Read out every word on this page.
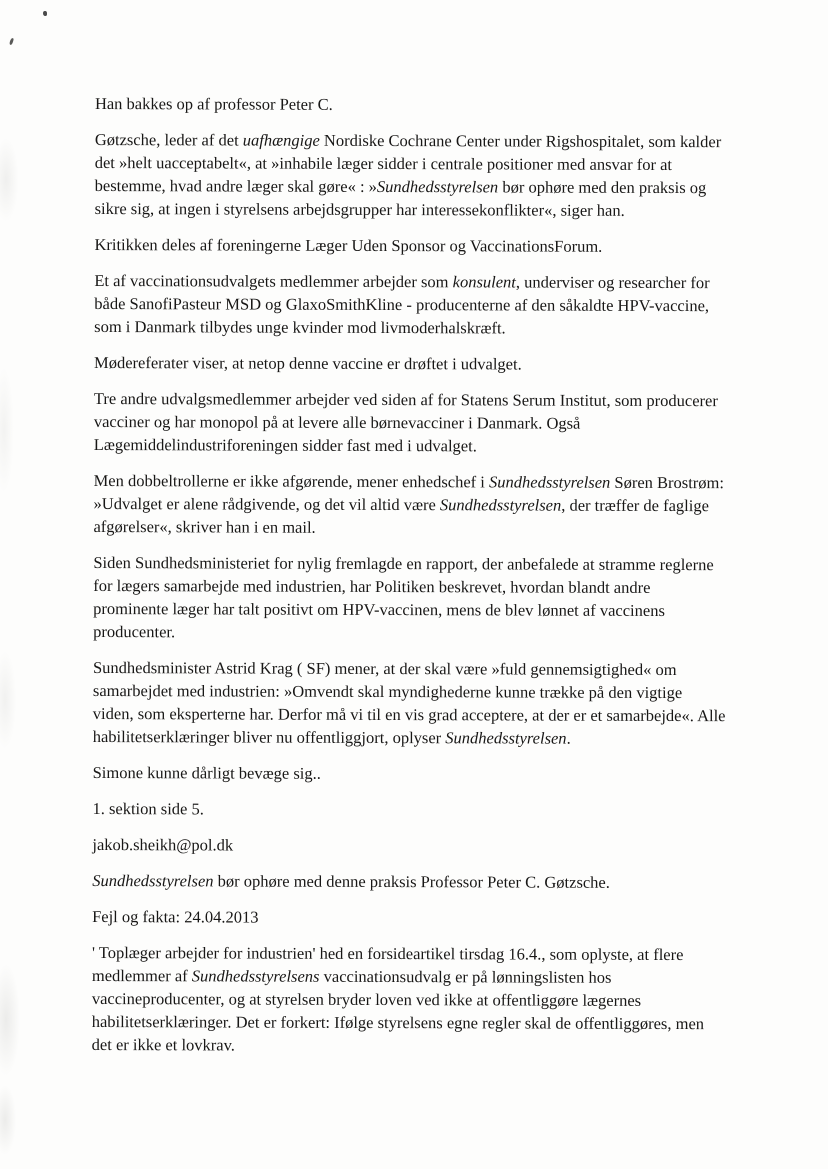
Han bakkes op af professor Peter C.

Gøtzsche, leder af det uafhængige Nordiske Cochrane Center under Rigshospitalet, som kalder det »helt uacceptabelt«, at »inhabile læger sidder i centrale positioner med ansvar for at bestemme, hvad andre læger skal gøre« : »Sundhedsstyrelsen bør ophøre med den praksis og sikre sig, at ingen i styrelsens arbejdsgrupper har interessekonflikter«, siger han.

Kritikken deles af foreningerne Læger Uden Sponsor og VaccinationsForum.

Et af vaccinationsudvalgets medlemmer arbejder som konsulent, underviser og researcher for både SanofiPasteur MSD og GlaxoSmithKline - producenterne af den såkaldte HPV-vaccine, som i Danmark tilbydes unge kvinder mod livmoderhalskræft.

Mødereferater viser, at netop denne vaccine er drøftet i udvalget.

Tre andre udvalgsmedlemmer arbejder ved siden af for Statens Serum Institut, som producerer vacciner og har monopol på at levere alle børnevacciner i Danmark. Også Lægemiddelindustriforeningen sidder fast med i udvalget.

Men dobbeltrollerne er ikke afgørende, mener enhedschef i Sundhedsstyrelsen Søren Brostrøm: »Udvalget er alene rådgivende, og det vil altid være Sundhedsstyrelsen, der træffer de faglige afgørelser«, skriver han i en mail.

Siden Sundhedsministeriet for nylig fremlagde en rapport, der anbefalede at stramme reglerne for lægers samarbejde med industrien, har Politiken beskrevet, hvordan blandt andre prominente læger har talt positivt om HPV-vaccinen, mens de blev lønnet af vaccinens producenter.

Sundhedsminister Astrid Krag ( SF) mener, at der skal være »fuld gennemsigtighed« om samarbejdet med industrien: »Omvendt skal myndighederne kunne trække på den vigtige viden, som eksperterne har. Derfor må vi til en vis grad acceptere, at der er et samarbejde«. Alle habilitetserklæringer bliver nu offentliggjort, oplyser Sundhedsstyrelsen.

Simone kunne dårligt bevæge sig..

1. sektion side 5.

jakob.sheikh@pol.dk

Sundhedsstyrelsen bør ophøre med denne praksis Professor Peter C. Gøtzsche.

Fejl og fakta: 24.04.2013

' Toplæger arbejder for industrien' hed en forsideartikel tirsdag 16.4., som oplyste, at flere medlemmer af Sundhedsstyrelsens vaccinationsudvalg er på lønningslisten hos vaccineproducenter, og at styrelsen bryder loven ved ikke at offentliggøre lægernes habilitetserklæringer. Det er forkert: Ifølge styrelsens egne regler skal de offentliggøres, men det er ikke et lovkrav.
